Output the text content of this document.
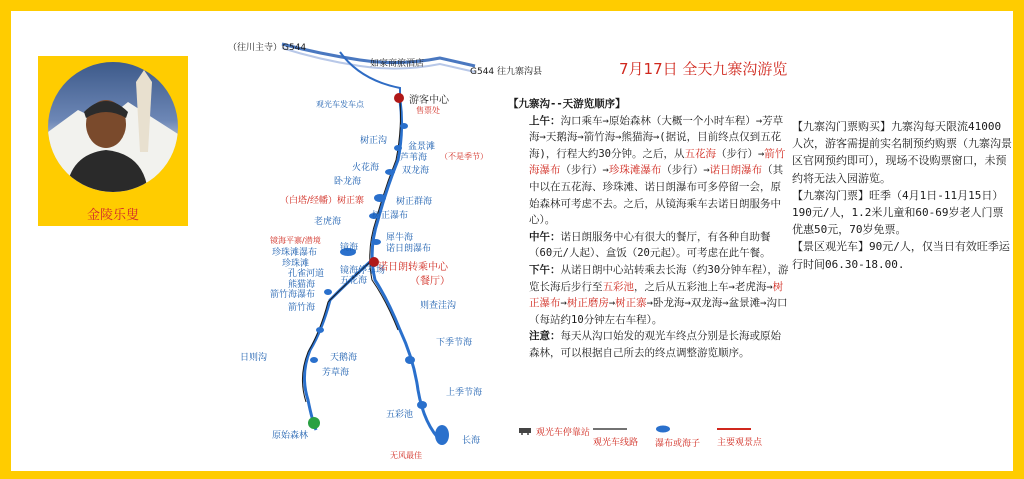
金陵乐叟
（往川主寺）G544
如家商旅酒店
G544 往九寨沟县
游客中心
售票处
观光车发车点
树正沟
日则沟
则查洼沟
诺日朗转乘中心
（餐厅）
无风最佳
盆景滩
芦苇海 （不是季节）
火花海	双龙海
卧龙海
树正群海
（白塔/经幡）树正寨
树正瀑布
老虎海
犀牛海
诺日朗瀑布
镜海
镜海平寨/潜境
珍珠滩瀑布
珍珠滩
镜海停车场
孔雀河道
五花海
熊猫海
箭竹海瀑布
箭竹海
天鹅海
芳草海
原始森林
下季节海
上季节海
五彩池
长海
7月17日 全天九寨沟游览

【九寨沟--天游览顺序】

上午：沟口乘车→原始森林（大概一个小时车程）→芳草海→天鹅海→箭竹海→熊猫海→(据说，目前终点仅到五花海)，行程大约30分钟。之后，从五花海（步行）→箭竹海瀑布（步行）→珍珠滩瀑布（步行）→诺日朗瀑布（其中以在五花海、珍珠滩、诺日朗瀑布可多停留一会，原始森林可考虑不去。之后，从镜海乘车去诺日朗服务中心）。

中午：诺日朗服务中心有很大的餐厅，有各种自助餐（60元/人起）、盒饭（20元起）。可考虑在此午餐。

下午：从诺日朗中心站转乘去长海（约30分钟车程），游览长海后步行至五彩池，之后从五彩池上车→老虎海→树正瀑布→树正磨房→树正寨→卧龙海→双龙海→盆景滩→沟口（每站约10分钟左右车程）。

注意：每天从沟口始发的观光车终点分别是长海或原始森林，可以根据自己所去的终点调整游览顺序。

【九寨沟门票购买】九寨沟每天限流41000人次，游客需提前实名制预约购票（九寨沟景区官网预约即可），现场不设购票窗口，未预约将无法入园游览。

【九寨沟门票】旺季（4月1日-11月15日）190元/人，1.2米儿童和60-69岁老人门票优惠50元，70岁免票。

【景区观光车】90元/人，仅当日有效旺季运行时间06.30-18.00.

观光车停靠站

观光车线路 瀑布或海子 主要观景点
